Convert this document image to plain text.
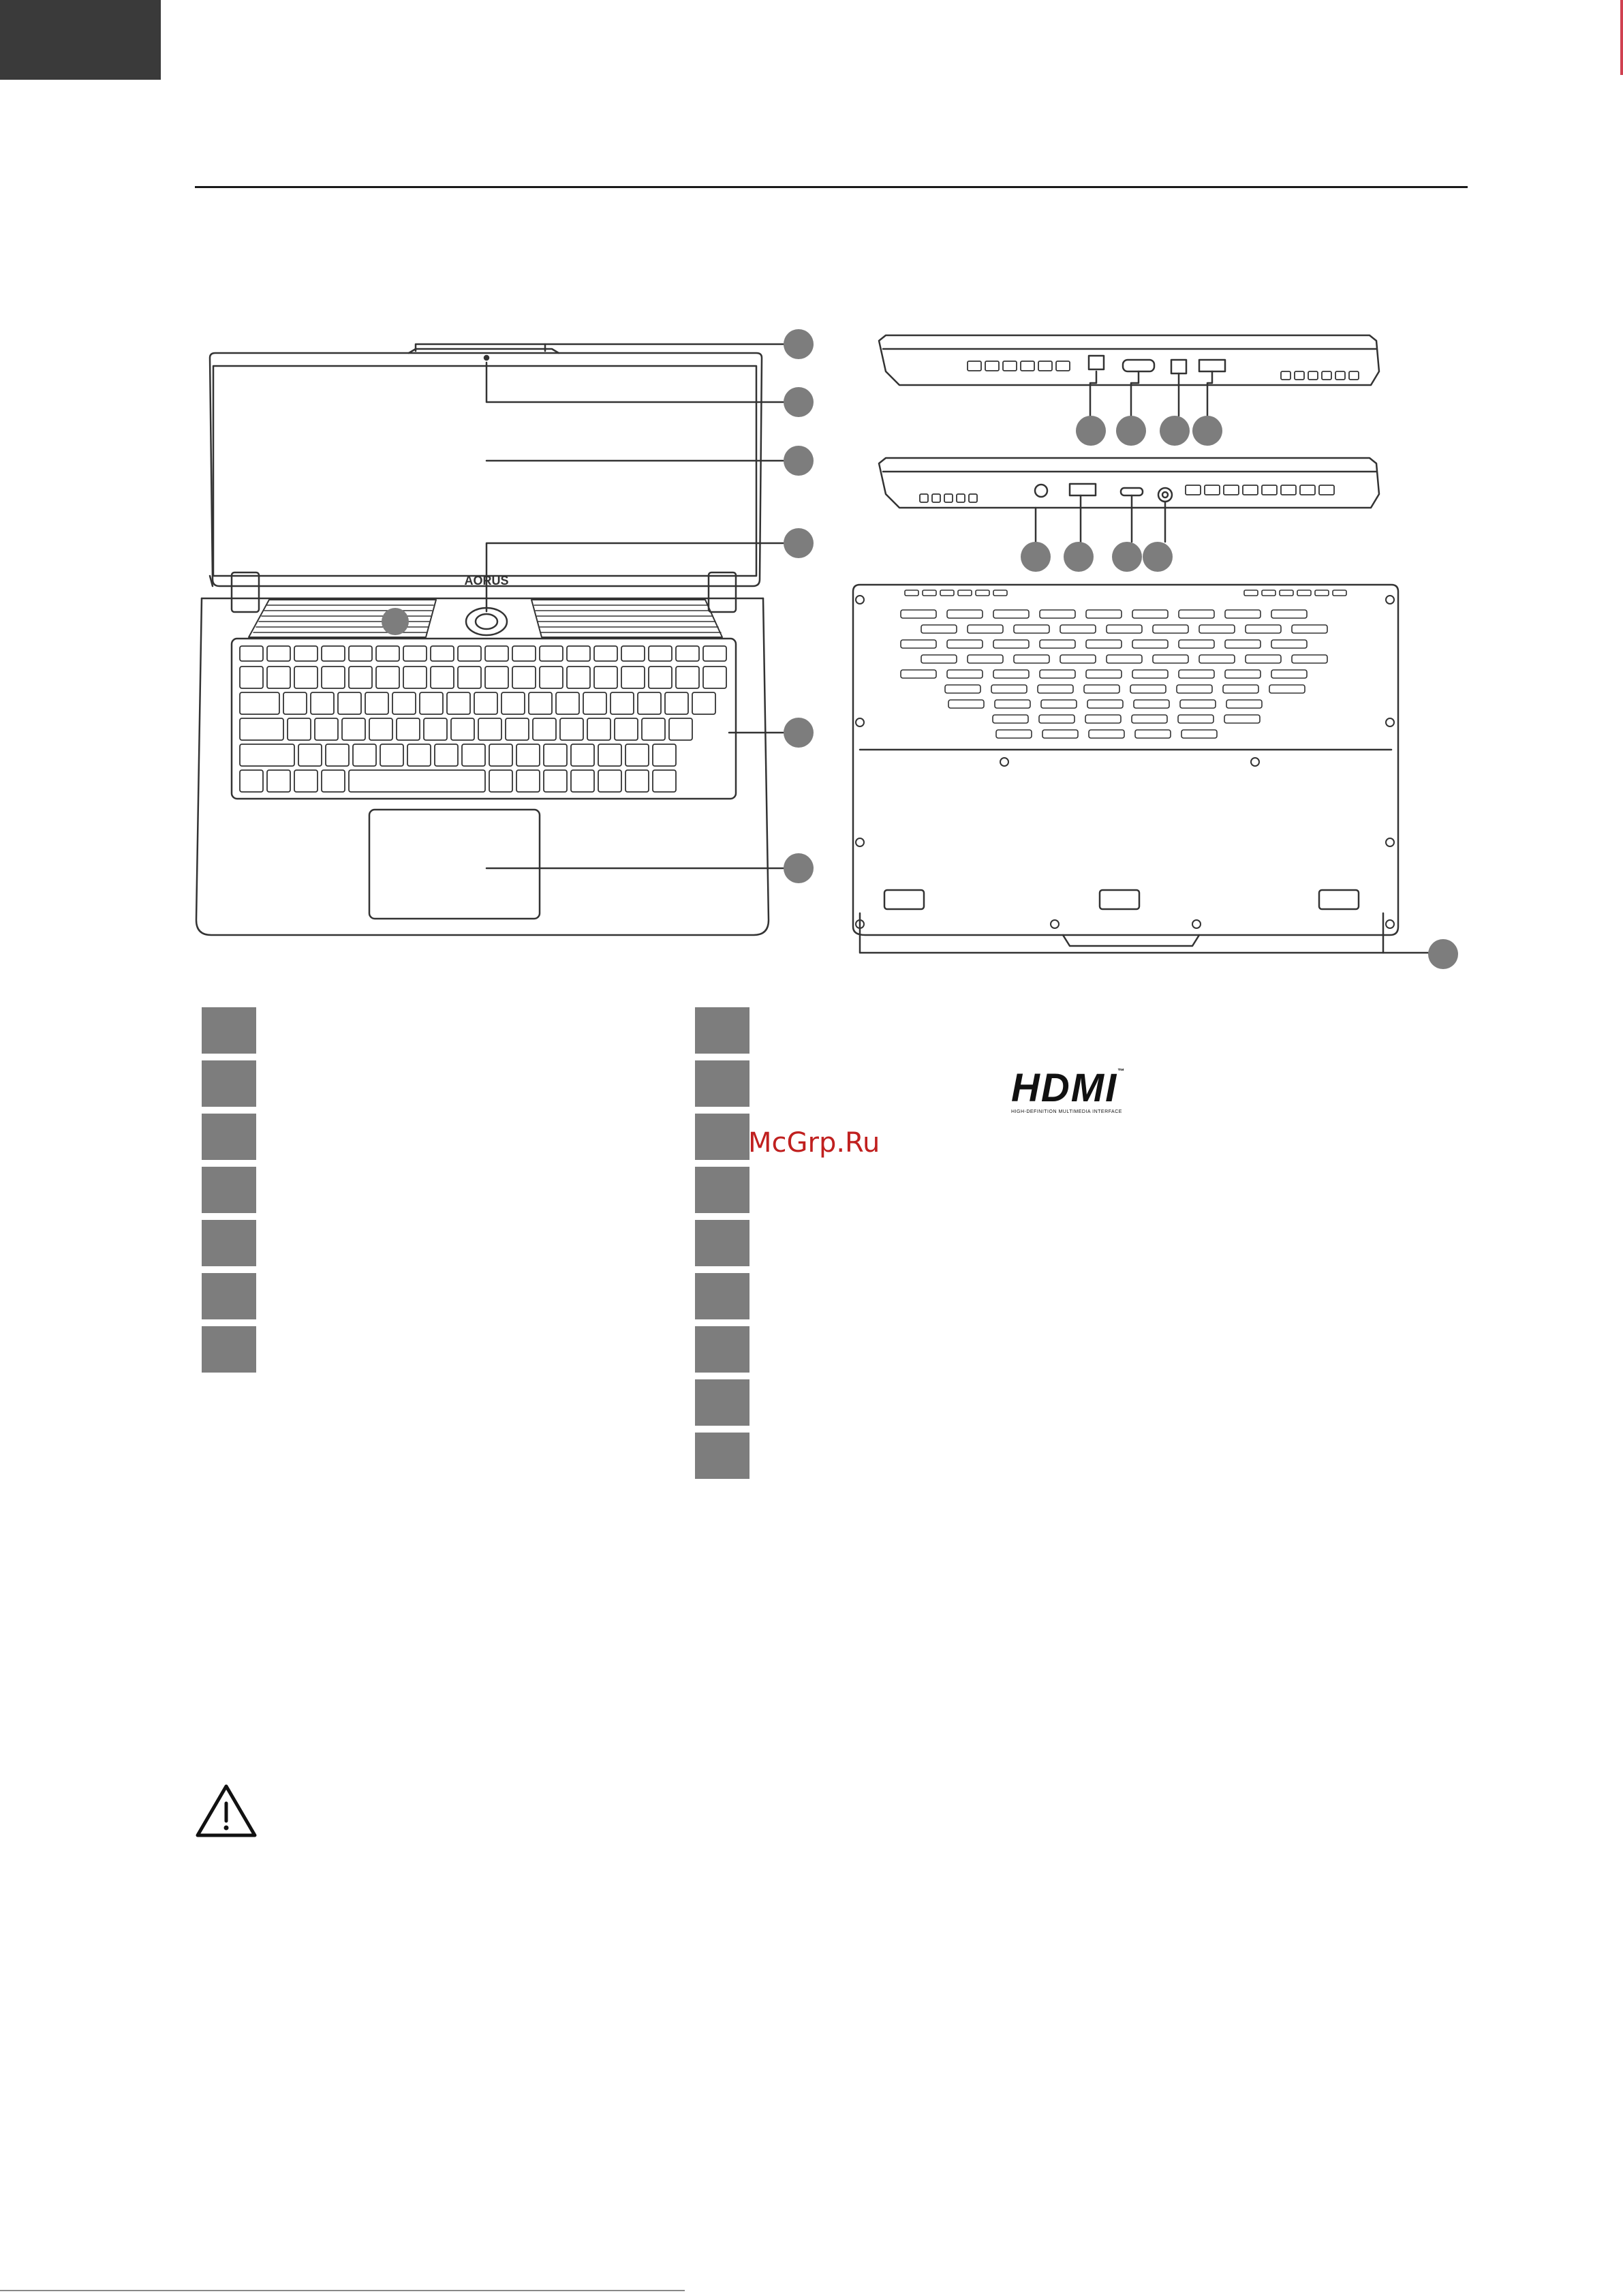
AORUS
HDMI™
HIGH-DEFINITION MULTIMEDIA INTERFACE
McGrp.Ru
